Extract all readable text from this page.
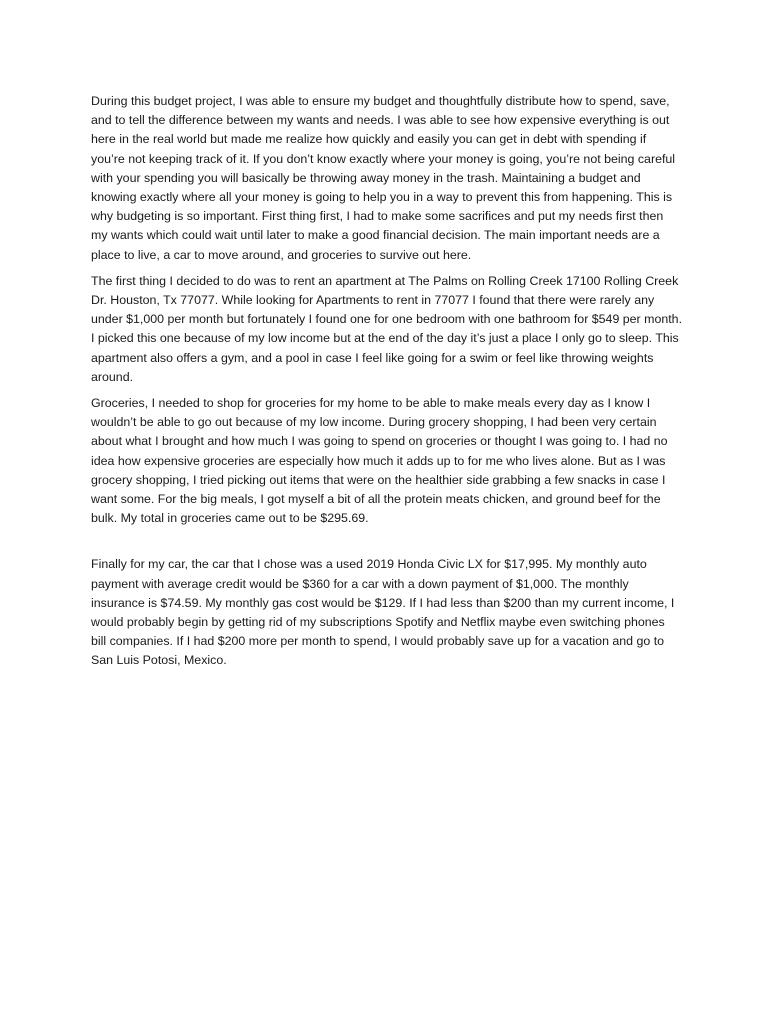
During this budget project, I was able to ensure my budget and thoughtfully distribute how to spend, save, and to tell the difference between my wants and needs. I was able to see how expensive everything is out here in the real world but made me realize how quickly and easily you can get in debt with spending if you’re not keeping track of it. If you don’t know exactly where your money is going, you’re not being careful with your spending you will basically be throwing away money in the trash. Maintaining a budget and knowing exactly where all your money is going to help you in a way to prevent this from happening. This is why budgeting is so important. First thing first, I had to make some sacrifices and put my needs first then my wants which could wait until later to make a good financial decision. The main important needs are a place to live, a car to move around, and groceries to survive out here.

The first thing I decided to do was to rent an apartment at The Palms on Rolling Creek 17100 Rolling Creek Dr. Houston, Tx 77077. While looking for Apartments to rent in 77077 I found that there were rarely any under $1,000 per month but fortunately I found one for one bedroom with one bathroom for $549 per month. I picked this one because of my low income but at the end of the day it’s just a place I only go to sleep. This apartment also offers a gym, and a pool in case I feel like going for a swim or feel like throwing weights around.

Groceries, I needed to shop for groceries for my home to be able to make meals every day as I know I wouldn’t be able to go out because of my low income. During grocery shopping, I had been very certain about what I brought and how much I was going to spend on groceries or thought I was going to. I had no idea how expensive groceries are especially how much it adds up to for me who lives alone. But as I was grocery shopping, I tried picking out items that were on the healthier side grabbing a few snacks in case I want some. For the big meals, I got myself a bit of all the protein meats chicken, and ground beef for the bulk. My total in groceries came out to be $295.69.

Finally for my car, the car that I chose was a used 2019 Honda Civic LX for $17,995. My monthly auto payment with average credit would be $360 for a car with a down payment of $1,000. The monthly insurance is $74.59. My monthly gas cost would be $129. If I had less than $200 than my current income, I would probably begin by getting rid of my subscriptions Spotify and Netflix maybe even switching phones bill companies. If I had $200 more per month to spend, I would probably save up for a vacation and go to San Luis Potosi, Mexico.
